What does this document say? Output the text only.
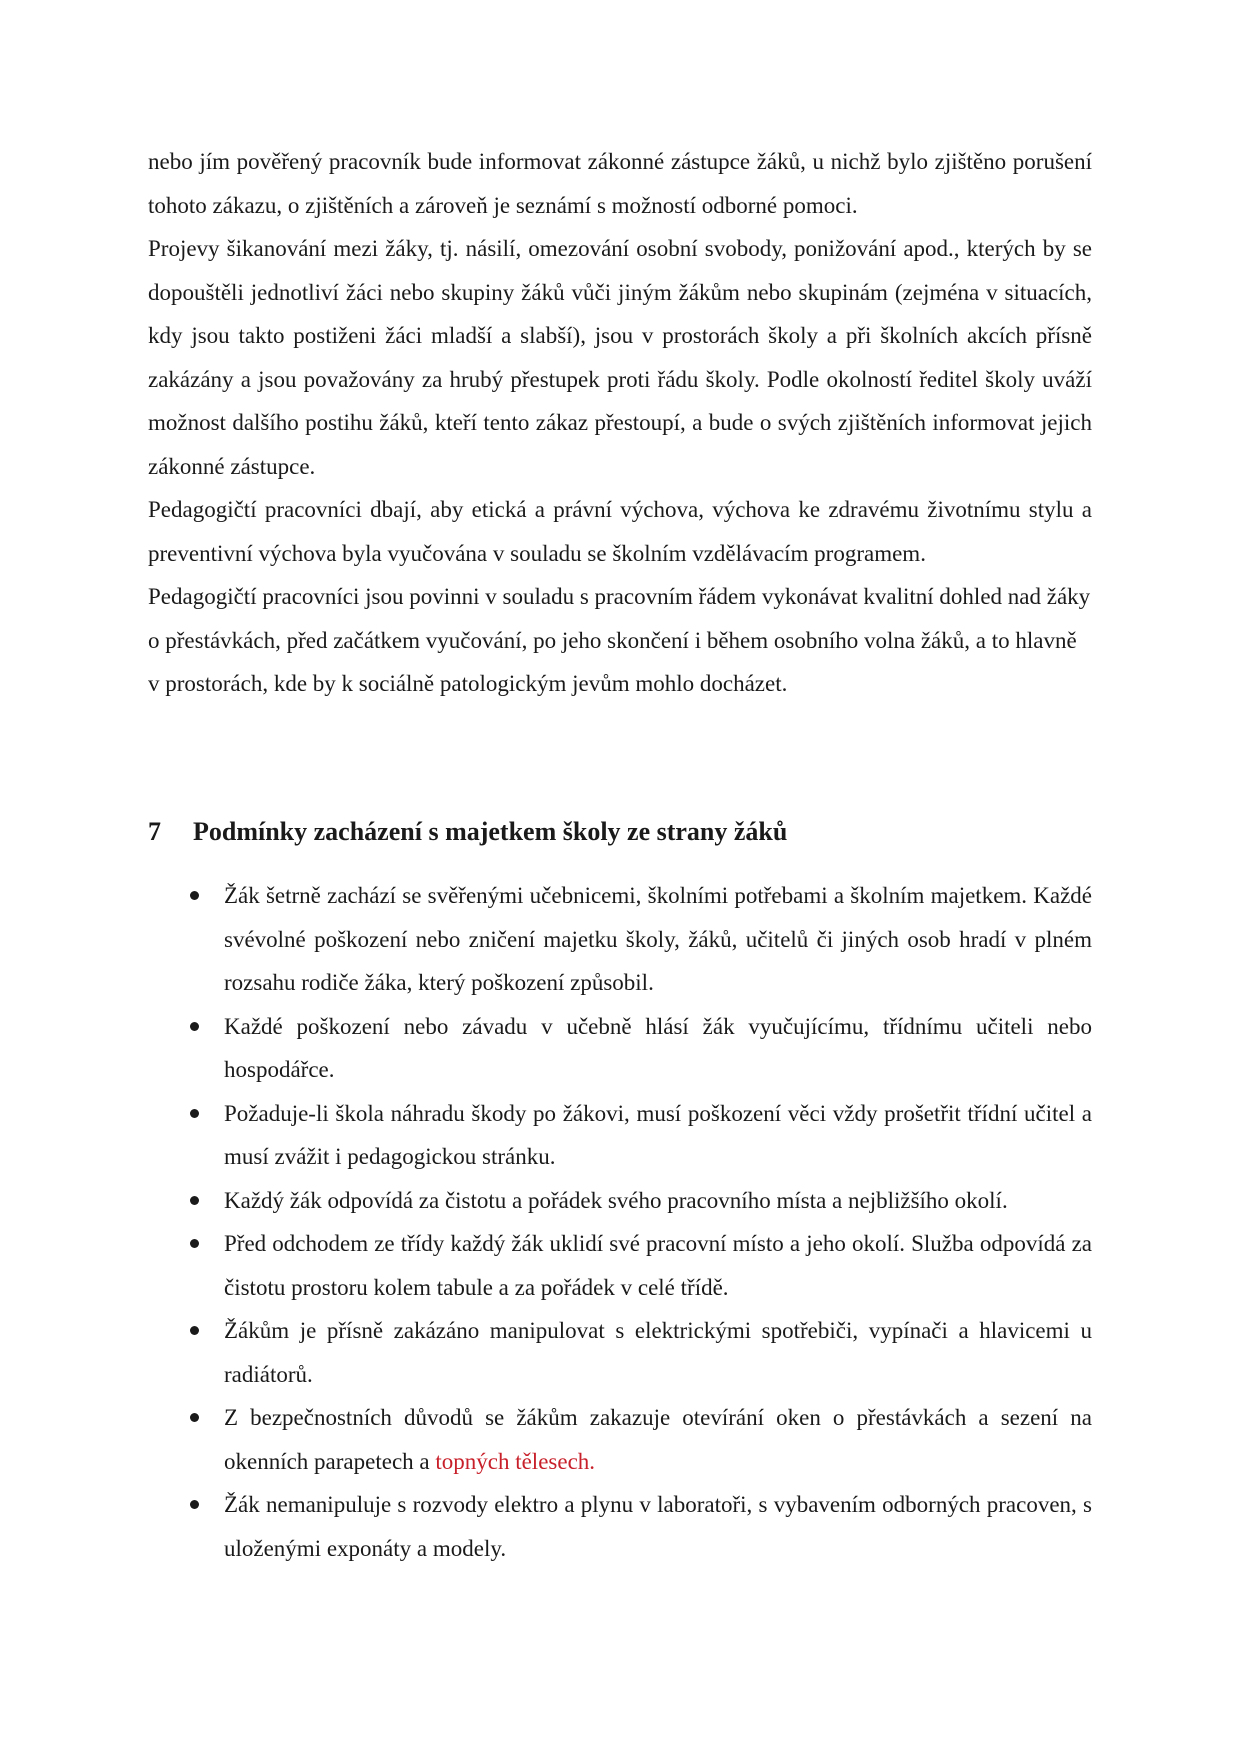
nebo jím pověřený pracovník bude informovat zákonné zástupce žáků, u nichž bylo zjištěno porušení tohoto zákazu, o zjištěních a zároveň je seznámí s možností odborné pomoci.

Projevy šikanování mezi žáky, tj. násilí, omezování osobní svobody, ponižování apod., kterých by se dopouštěli jednotliví žáci nebo skupiny žáků vůči jiným žákům nebo skupinám (zejména v situacích, kdy jsou takto postiženi žáci mladší a slabší), jsou v prostorách školy a při školních akcích přísně zakázány a jsou považovány za hrubý přestupek proti řádu školy. Podle okolností ředitel školy uváží možnost dalšího postihu žáků, kteří tento zákaz přestoupí, a bude o svých zjištěních informovat jejich zákonné zástupce.

Pedagogičtí pracovníci dbají, aby etická a právní výchova, výchova ke zdravému životnímu stylu a preventivní výchova byla vyučována v souladu se školním vzdělávacím programem.

Pedagogičtí pracovníci jsou povinni v souladu s pracovním řádem vykonávat kvalitní dohled nad žáky o přestávkách, před začátkem vyučování, po jeho skončení i během osobního volna žáků, a to hlavně v prostorách, kde by k sociálně patologickým jevům mohlo docházet.

7 Podmínky zacházení s majetkem školy ze strany žáků
Žák šetrně zachází se svěřenými učebnicemi, školními potřebami a školním majetkem. Každé svévolné poškození nebo zničení majetku školy, žáků, učitelů či jiných osob hradí v plném rozsahu rodiče žáka, který poškození způsobil.
Každé poškození nebo závadu v učebně hlásí žák vyučujícímu, třídnímu učiteli nebo hospodářce.
Požaduje-li škola náhradu škody po žákovi, musí poškození věci vždy prošetřit třídní učitel a musí zvážit i pedagogickou stránku.
Každý žák odpovídá za čistotu a pořádek svého pracovního místa a nejbližšího okolí.
Před odchodem ze třídy každý žák uklidí své pracovní místo a jeho okolí. Služba odpovídá za čistotu prostoru kolem tabule a za pořádek v celé třídě.
Žákům je přísně zakázáno manipulovat s elektrickými spotřebiči, vypínači a hlavicemi u radiátorů.
Z bezpečnostních důvodů se žákům zakazuje otevírání oken o přestávkách a sezení na okenních parapetech a topných tělesech.
Žák nemanipuluje s rozvody elektro a plynu v laboratoři, s vybavením odborných pracoven, s uloženými exponáty a modely.
